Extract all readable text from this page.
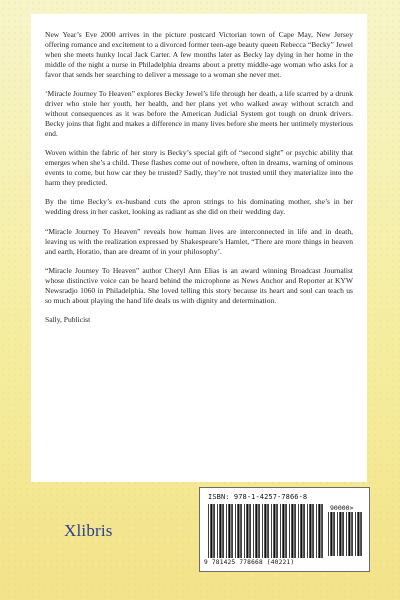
New Year’s Eve 2000 arrives in the picture postcard Victorian town of Cape May, New Jersey offering romance and excitement to a divorced former teen-age beauty queen Rebecca “Becky” Jewel when she meets hunky local Jack Carter. A few months later as Becky lay dying in her home in the middle of the night a nurse in Philadelphia dreams about a pretty middle-age woman who asks for a favor that sends her searching to deliver a message to a woman she never met.

‘Miracle Journey To Heaven” explores Becky Jewel’s life through her death, a life scarred by a drunk driver who stole her youth, her health, and her plans yet who walked away without scratch and without consequences as it was before the American Judicial System got tough on drunk drivers. Becky joins that fight and makes a difference in many lives before she meets her untimely mysterious end.

Woven within the fabric of her story is Becky’s special gift of “second sight” or psychic ability that emerges when she’s a child. These flashes come out of nowhere, often in dreams, warning of ominous events to come, but how car they be trusted? Sadly, they’re not trusted until they materialize into the harm they predicted.

By the time Becky’s ex-husband cuts the apron strings to his dominating mother, she’s in her wedding dress in her casket, looking as radiant as she did on their wedding day.

“Miracle Journey To Heaven” reveals how human lives are interconnected in life and in death, leaving us with the realization expressed by Shakespeare’s Hamlet, “There are more things in heaven and earth, Horatio, than are dreamt of in your philosophy’.

“Miracle Journey To Heaven” author Cheryl Ann Elias is an award winning Broadcast Journalist whose distinctive voice can be heard behind the microphone as News Anchor and Reporter at KYW Newsradjo 1060 in Philadelphia. She loved telling this story because its heart and soul can teach us so much about playing the hand life deals us with dignity and determination.

Sally, Publicist

Xlibris
ISBN: 978-1-4257-7866-8
90000>
9 781425 778668 (40221)
